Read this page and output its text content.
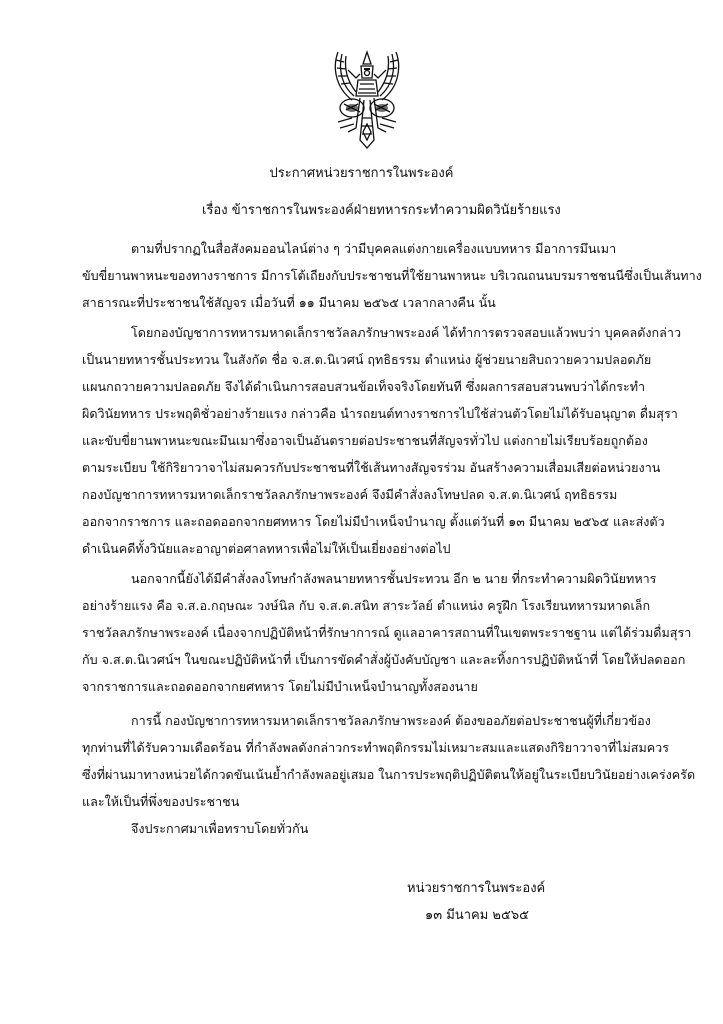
ประกาศหน่วยราชการในพระองค์
เรื่อง ข้าราชการในพระองค์ฝ่ายทหารกระทำความผิดวินัยร้ายแรง
ตามที่ปรากฏในสื่อสังคมออนไลน์ต่าง ๆ ว่ามีบุคคลแต่งกายเครื่องแบบทหาร มีอาการมึนเมา
ขับขี่ยานพาหนะของทางราชการ มีการโต้เถียงกับประชาชนที่ใช้ยานพาหนะ บริเวณถนนบรมราชชนนีซึ่งเป็นเส้นทาง
สาธารณะที่ประชาชนใช้สัญจร เมื่อวันที่ ๑๑ มีนาคม ๒๕๖๕ เวลากลางคืน นั้น
โดยกองบัญชาการทหารมหาดเล็กราชวัลลภรักษาพระองค์ ได้ทำการตรวจสอบแล้วพบว่า บุคคลดังกล่าว
เป็นนายทหารชั้นประทวน ในสังกัด ชื่อ จ.ส.ต.นิเวศน์ ฤทธิธรรม ตำแหน่ง ผู้ช่วยนายสิบถวายความปลอดภัย
แผนกถวายความปลอดภัย จึงได้ดำเนินการสอบสวนข้อเท็จจริงโดยทันที ซึ่งผลการสอบสวนพบว่าได้กระทำ
ผิดวินัยทหาร ประพฤติชั่วอย่างร้ายแรง กล่าวคือ นำรถยนต์ทางราชการไปใช้ส่วนตัวโดยไม่ได้รับอนุญาต ดื่มสุรา
และขับขี่ยานพาหนะขณะมึนเมาซึ่งอาจเป็นอันตรายต่อประชาชนที่สัญจรทั่วไป แต่งกายไม่เรียบร้อยถูกต้อง
ตามระเบียบ ใช้กิริยาวาจาไม่สมควรกับประชาชนที่ใช้เส้นทางสัญจรร่วม อันสร้างความเสื่อมเสียต่อหน่วยงาน
กองบัญชาการทหารมหาดเล็กราชวัลลภรักษาพระองค์ จึงมีคำสั่งลงโทษปลด จ.ส.ต.นิเวศน์ ฤทธิธรรม
ออกจากราชการ และถอดออกจากยศทหาร โดยไม่มีบำเหน็จบำนาญ ตั้งแต่วันที่ ๑๓ มีนาคม ๒๕๖๕ และส่งตัว
ดำเนินคดีทั้งวินัยและอาญาต่อศาลทหารเพื่อไม่ให้เป็นเยี่ยงอย่างต่อไป
นอกจากนี้ยังได้มีคำสั่งลงโทษกำลังพลนายทหารชั้นประทวน อีก ๒ นาย ที่กระทำความผิดวินัยทหาร
อย่างร้ายแรง คือ จ.ส.อ.กฤษณะ วงษ์นิล กับ จ.ส.ต.สนิท สาระวัลย์ ตำแหน่ง ครูฝึก โรงเรียนทหารมหาดเล็ก
ราชวัลลภรักษาพระองค์ เนื่องจากปฏิบัติหน้าที่รักษาการณ์ ดูแลอาคารสถานที่ในเขตพระราชฐาน แต่ได้ร่วมดื่มสุรา
กับ จ.ส.ต.นิเวศน์ฯ ในขณะปฏิบัติหน้าที่ เป็นการขัดคำสั่งผู้บังคับบัญชา และละทิ้งการปฏิบัติหน้าที่ โดยให้ปลดออก
จากราชการและถอดออกจากยศทหาร โดยไม่มีบำเหน็จบำนาญทั้งสองนาย
การนี้ กองบัญชาการทหารมหาดเล็กราชวัลลภรักษาพระองค์ ต้องขออภัยต่อประชาชนผู้ที่เกี่ยวข้อง
ทุกท่านที่ได้รับความเดือดร้อน ที่กำลังพลดังกล่าวกระทำพฤติกรรมไม่เหมาะสมและแสดงกิริยาวาจาที่ไม่สมควร
ซึ่งที่ผ่านมาทางหน่วยได้กวดขันเน้นย้ำกำลังพลอยู่เสมอ ในการประพฤติปฏิบัติตนให้อยู่ในระเบียบวินัยอย่างเคร่งครัด
และให้เป็นที่พึ่งของประชาชน
จึงประกาศมาเพื่อทราบโดยทั่วกัน
หน่วยราชการในพระองค์
๑๓ มีนาคม ๒๕๖๕
